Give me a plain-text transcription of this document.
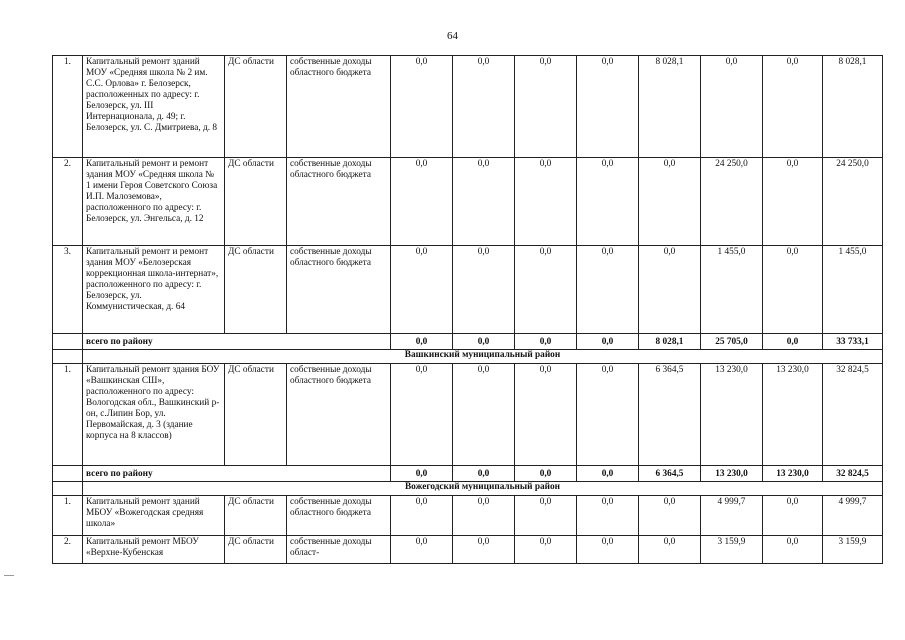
64
1.	Капитальный ремонт зданий МОУ «Средняя школа № 2 им. С.С. Орлова» г. Белозерск, расположенных по адресу: г. Белозерск, ул. III Интернационала, д. 49; г. Белозерск, ул. С. Дмитриева, д. 8	ДС области	собственные доходы областного бюджета	0,0	0,0	0,0	0,0	8 028,1	0,0	0,0	8 028,1
2.	Капитальный ремонт и ремонт здания МОУ «Средняя школа № 1 имени Героя Советского Союза И.П. Малоземова», расположенного по адресу: г. Белозерск, ул. Энгельса, д. 12	ДС области	собственные доходы областного бюджета	0,0	0,0	0,0	0,0	0,0	24 250,0	0,0	24 250,0
3.	Капитальный ремонт и ремонт здания МОУ «Белозерская коррекционная школа-интернат», расположенного по адресу: г. Белозерск, ул. Коммунистическая, д. 64	ДС области	собственные доходы областного бюджета	0,0	0,0	0,0	0,0	0,0	1 455,0	0,0	1 455,0
	всего по району			0,0	0,0	0,0	0,0	8 028,1	25 705,0	0,0	33 733,1
	Вашкинский муниципальный район										
1.	Капитальный ремонт здания БОУ «Вашкинская СШ», расположенного по адресу: Вологодская обл., Вашкинский р-он, с.Липин Бор, ул. Первомайская, д. 3 (здание корпуса на 8 классов)	ДС области	собственные доходы областного бюджета	0,0	0,0	0,0	0,0	6 364,5	13 230,0	13 230,0	32 824,5
	всего по району			0,0	0,0	0,0	0,0	6 364,5	13 230,0	13 230,0	32 824,5
	Вожегодский муниципальный район										
1.	Капитальный ремонт зданий МБОУ «Вожегодская средняя школа»	ДС области	собственные доходы областного бюджета	0,0	0,0	0,0	0,0	0,0	4 999,7	0,0	4 999,7
2.	Капитальный ремонт МБОУ «Верхне-Кубенская	ДС области	собственные доходы област-	0,0	0,0	0,0	0,0	0,0	3 159,9	0,0	3 159,9
